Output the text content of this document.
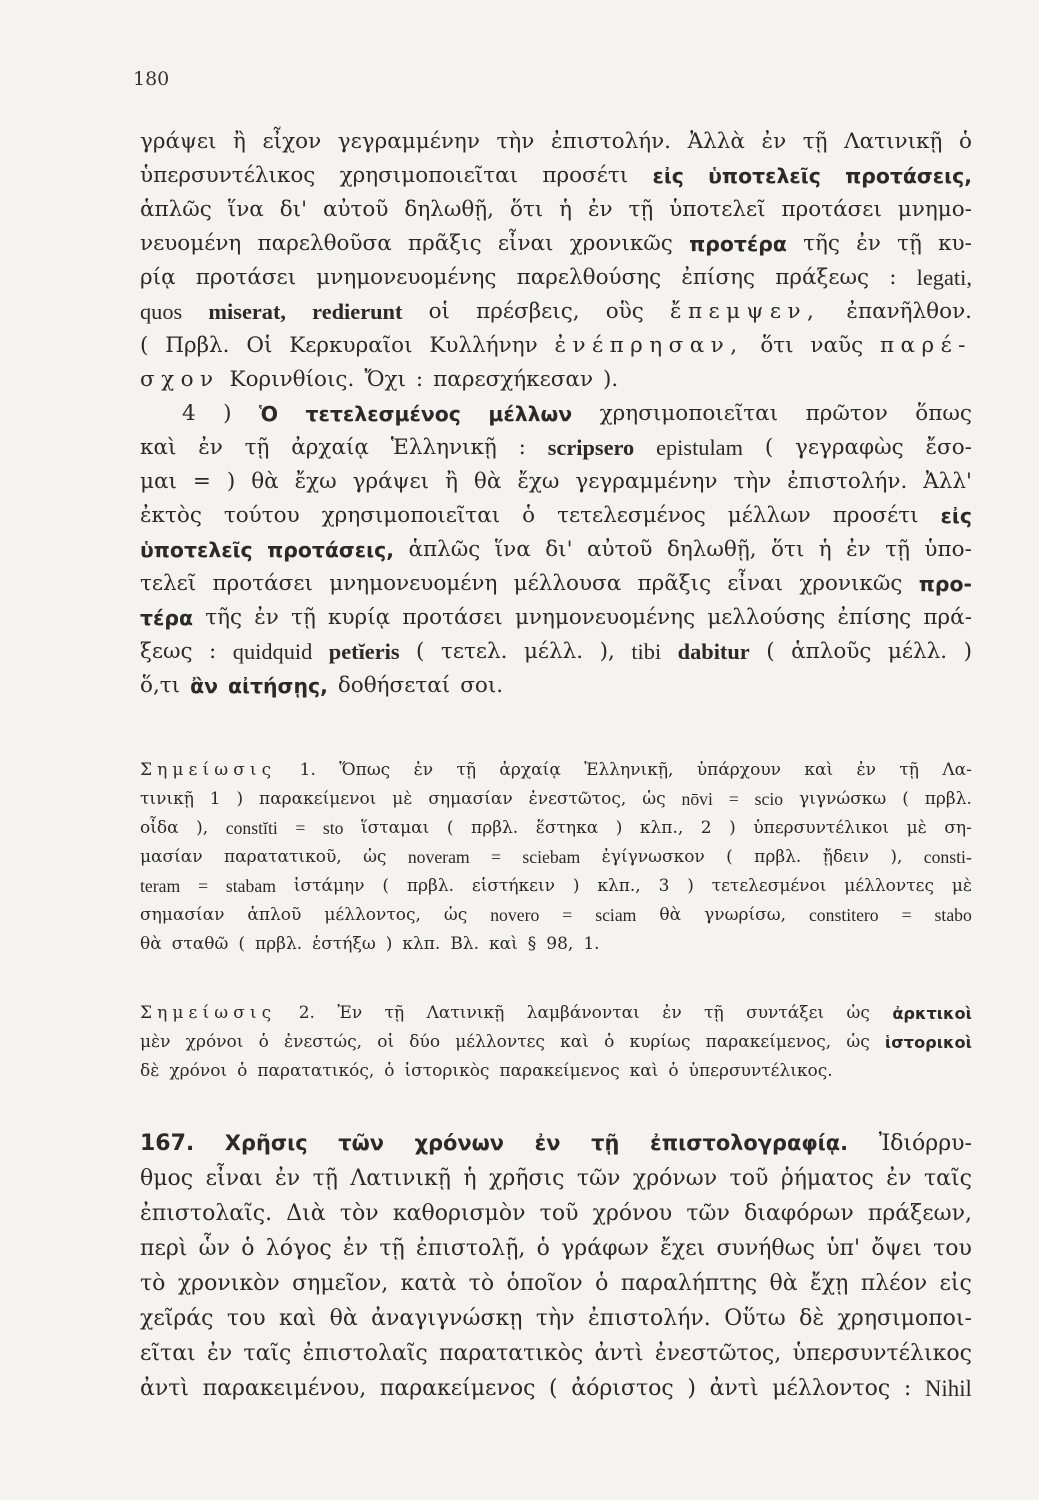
180
γράψει ἢ εἶχον γεγραμμένην τὴν ἐπιστολήν. Ἀλλὰ ἐν τῇ Λατινικῇ ὁ
ὑπερσυντέλικος χρησιμοποιεῖται προσέτι εἰς ὑποτελεῖς προτάσεις,
ἁπλῶς ἵνα δι' αὐτοῦ δηλωθῇ, ὅτι ἡ ἐν τῇ ὑποτελεῖ προτάσει μνημο-
νευομένη παρελθοῦσα πρᾶξις εἶναι χρονικῶς προτέρα τῆς ἐν τῇ κυ-
ρίᾳ προτάσει μνημονευομένης παρελθούσης ἐπίσης πράξεως : legati,
quos miserat, redierunt οἱ πρέσβεις, οὓς ἔπεμψεν, ἐπανῆλθον.
( Πρβλ. Οἱ Κερκυραῖοι Κυλλήνην ἐνέπρησαν, ὅτι ναῦς παρέ-
σχον Κορινθίοις. Ὄχι : παρεσχήκεσαν ).
4 ) Ὁ τετελεσμένος μέλλων χρησιμοποιεῖται πρῶτον ὅπως
καὶ ἐν τῇ ἀρχαίᾳ Ἑλληνικῇ : scripsero epistulam ( γεγραφὼς ἔσο-
μαι = ) θὰ ἔχω γράψει ἢ θὰ ἔχω γεγραμμένην τὴν ἐπιστολήν. Ἀλλ'
ἐκτὸς τούτου χρησιμοποιεῖται ὁ τετελεσμένος μέλλων προσέτι εἰς
ὑποτελεῖς προτάσεις, ἁπλῶς ἵνα δι' αὐτοῦ δηλωθῇ, ὅτι ἡ ἐν τῇ ὑπο-
τελεῖ προτάσει μνημονευομένη μέλλουσα πρᾶξις εἶναι χρονικῶς προ-
τέρα τῆς ἐν τῇ κυρίᾳ προτάσει μνημονευομένης μελλούσης ἐπίσης πρά-
ξεως : quidquid petĭeris ( τετελ. μέλλ. ), tibi dabitur ( ἁπλοῦς μέλλ. )
ὅ,τι ἂν αἰτήσῃς, δοθήσεταί σοι.
Σημείωσις 1. Ὅπως ἐν τῇ ἀρχαίᾳ Ἑλληνικῇ, ὑπάρχουν καὶ ἐν τῇ Λα-
τινικῇ 1 ) παρακείμενοι μὲ σημασίαν ἐνεστῶτος, ὡς nōvi = scio γιγνώσκω ( πρβλ.
οἶδα ), constĭti = sto ἵσταμαι ( πρβλ. ἕστηκα ) κλπ., 2 ) ὑπερσυντέλικοι μὲ ση-
μασίαν παρατατικοῦ, ὡς noveram = sciebam ἐγίγνωσκον ( πρβλ. ᾔδειν ), consti-
teram = stabam ἱστάμην ( πρβλ. εἱστήκειν ) κλπ., 3 ) τετελεσμένοι μέλλοντες μὲ
σημασίαν ἁπλοῦ μέλλοντος, ὡς novero = sciam θὰ γνωρίσω, constitero = stabo
θὰ σταθῶ ( πρβλ. ἑστήξω ) κλπ. Βλ. καὶ § 98, 1.
Σημείωσις 2. Ἐν τῇ Λατινικῇ λαμβάνονται ἐν τῇ συντάξει ὡς ἀρκτικοὶ
μὲν χρόνοι ὁ ἐνεστώς, οἱ δύο μέλλοντες καὶ ὁ κυρίως παρακείμενος, ὡς ἱστορικοὶ
δὲ χρόνοι ὁ παρατατικός, ὁ ἱστορικὸς παρακείμενος καὶ ὁ ὑπερσυντέλικος.
167. Χρῆσις τῶν χρόνων ἐν τῇ ἐπιστολογραφίᾳ. Ἰδιόρρυ-
θμος εἶναι ἐν τῇ Λατινικῇ ἡ χρῆσις τῶν χρόνων τοῦ ῥήματος ἐν ταῖς
ἐπιστολαῖς. Διὰ τὸν καθορισμὸν τοῦ χρόνου τῶν διαφόρων πράξεων,
περὶ ὧν ὁ λόγος ἐν τῇ ἐπιστολῇ, ὁ γράφων ἔχει συνήθως ὑπ' ὄψει του
τὸ χρονικὸν σημεῖον, κατὰ τὸ ὁποῖον ὁ παραλήπτης θὰ ἔχῃ πλέον εἰς
χεῖράς του καὶ θὰ ἀναγιγνώσκῃ τὴν ἐπιστολήν. Οὕτω δὲ χρησιμοποι-
εῖται ἐν ταῖς ἐπιστολαῖς παρατατικὸς ἀντὶ ἐνεστῶτος, ὑπερσυντέλικος
ἀντὶ παρακειμένου, παρακείμενος ( ἀόριστος ) ἀντὶ μέλλοντος : Nihil
